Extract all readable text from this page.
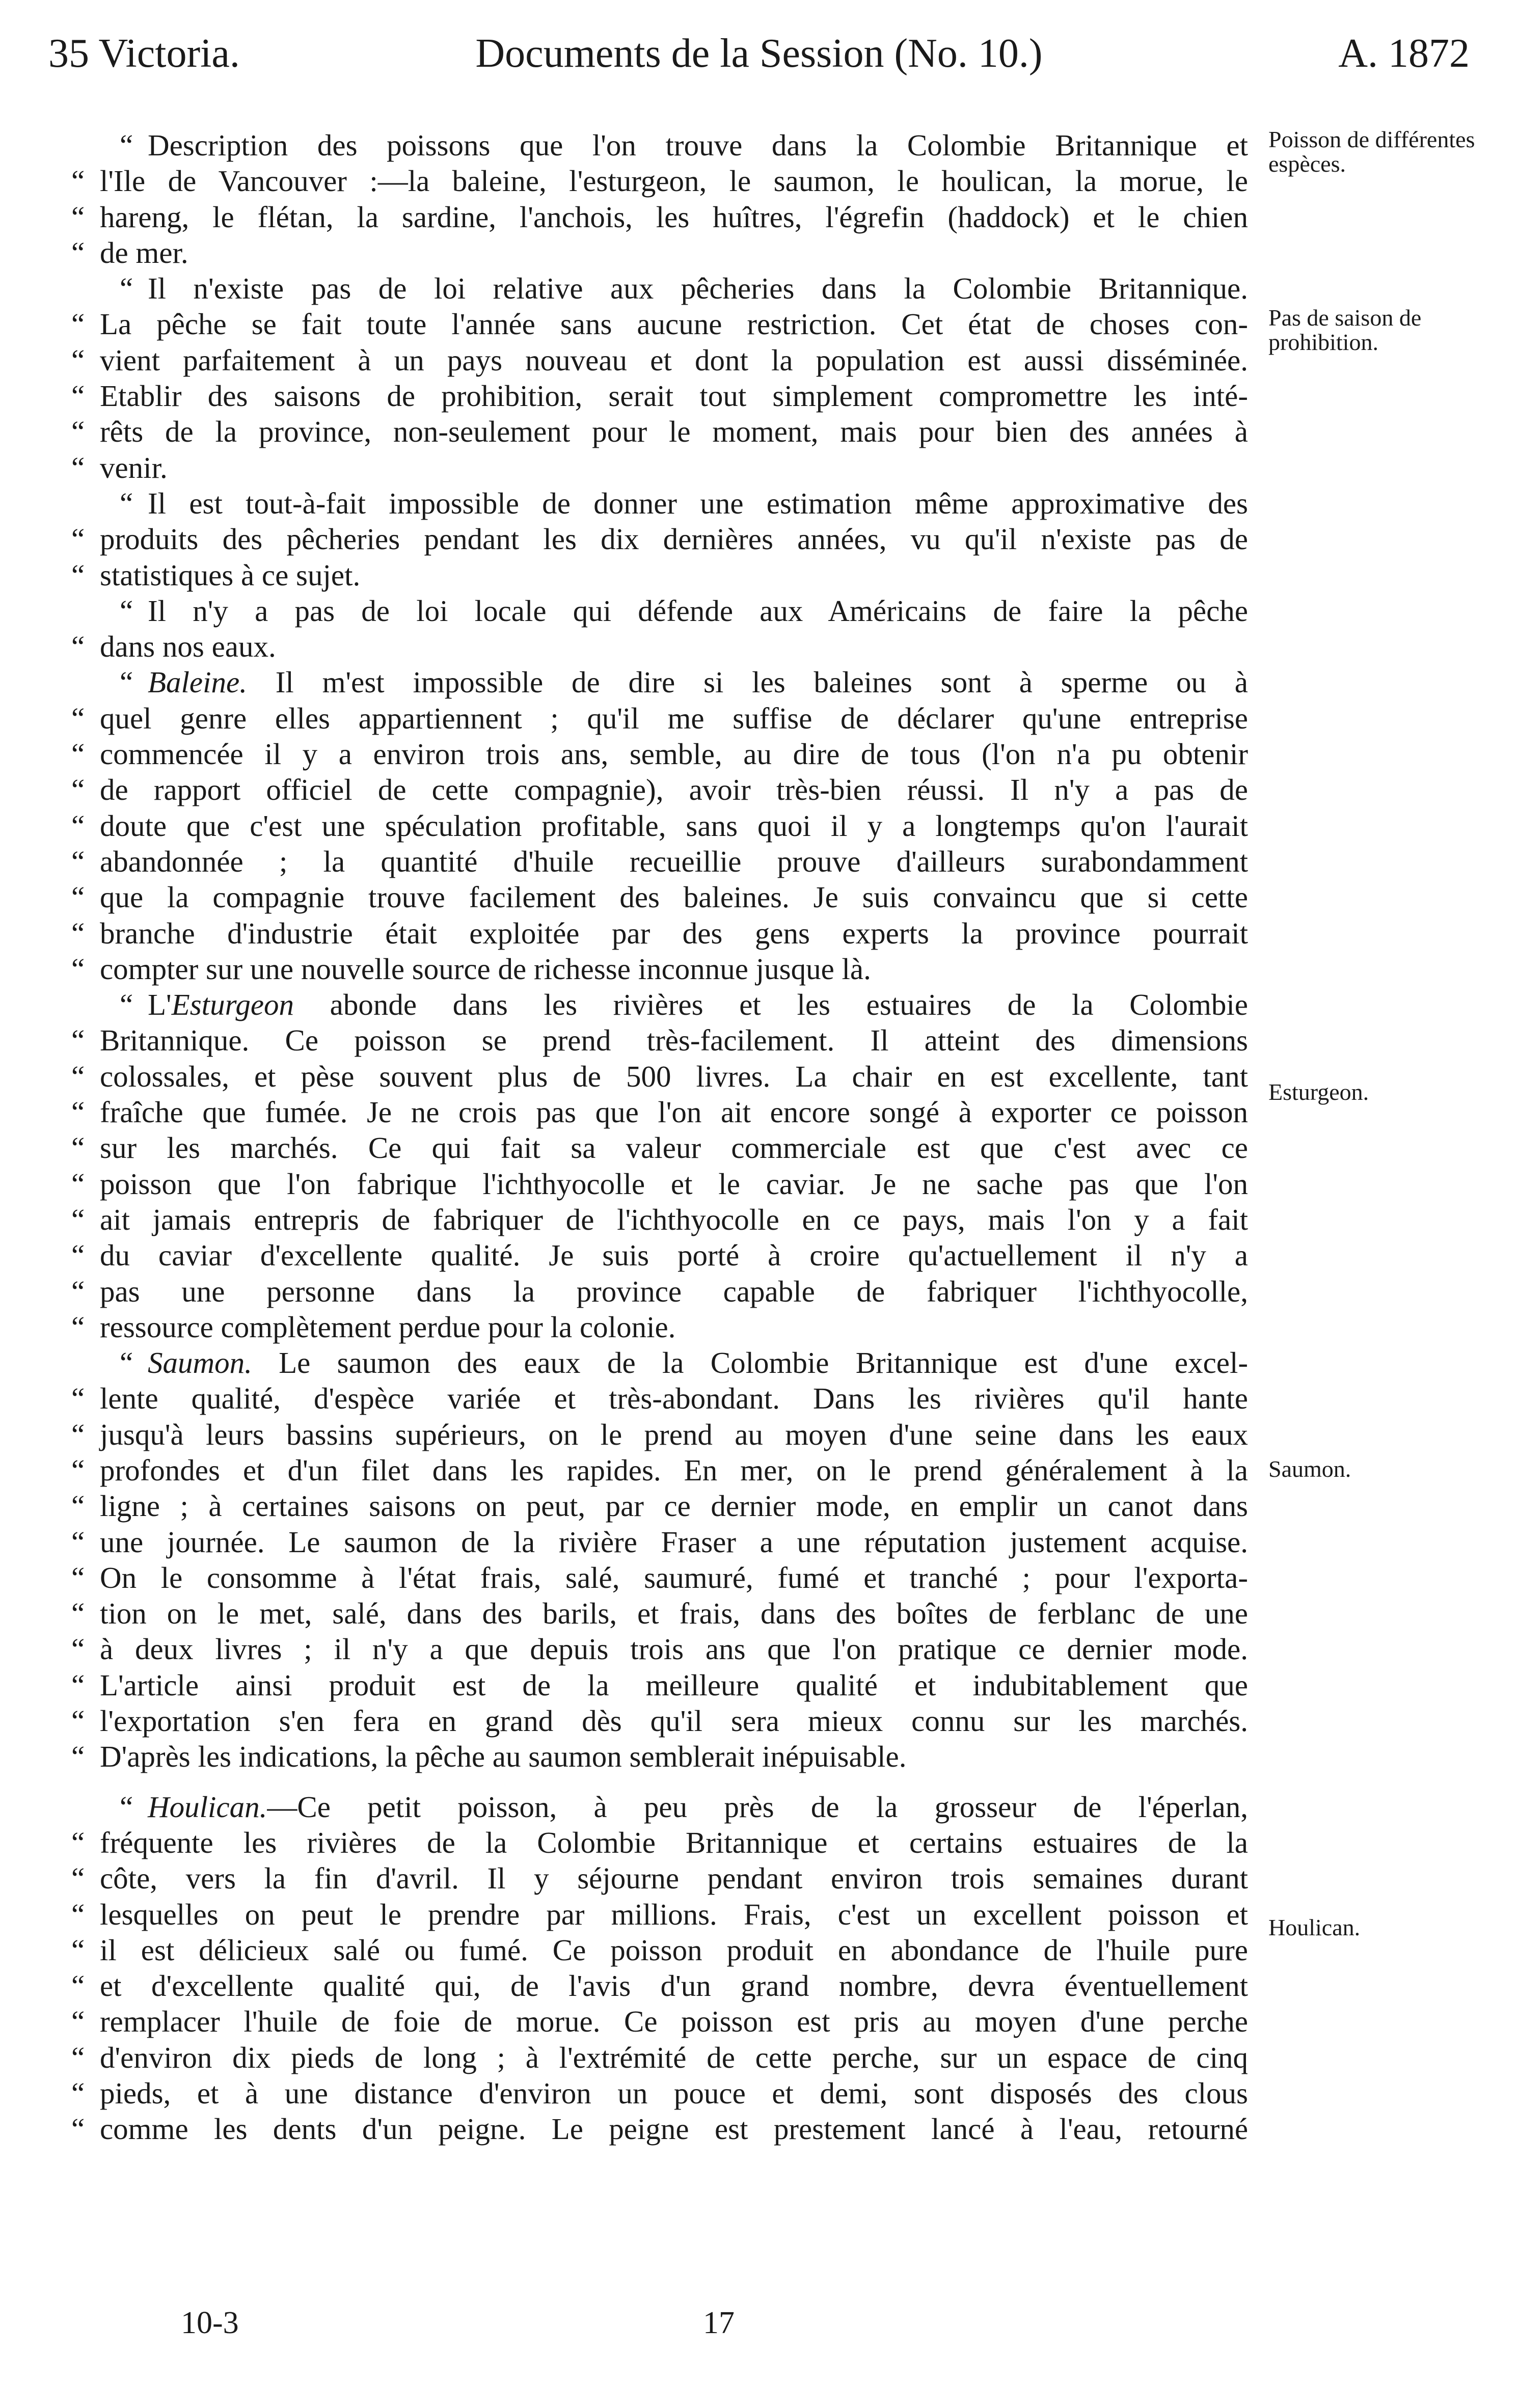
35 Victoria.	Documents de la Session (No. 10.)	A. 1872
“ Description des poissons que l'on trouve dans la Colombie Britannique et
“ l'Ile de Vancouver :—la baleine, l'esturgeon, le saumon, le houlican, la morue, le
“ hareng, le flétan, la sardine, l'anchois, les huîtres, l'égrefin (haddock) et le chien
“ de mer.
“ Il n'existe pas de loi relative aux pêcheries dans la Colombie Britannique.
“ La pêche se fait toute l'année sans aucune restriction. Cet état de choses con-
“ vient parfaitement à un pays nouveau et dont la population est aussi disséminée.
“ Etablir des saisons de prohibition, serait tout simplement compromettre les inté-
“ rêts de la province, non-seulement pour le moment, mais pour bien des années à
“ venir.
“ Il est tout-à-fait impossible de donner une estimation même approximative des
“ produits des pêcheries pendant les dix dernières années, vu qu'il n'existe pas de
“ statistiques à ce sujet.
“ Il n'y a pas de loi locale qui défende aux Américains de faire la pêche
“ dans nos eaux.
“ Baleine. Il m'est impossible de dire si les baleines sont à sperme ou à
“ quel genre elles appartiennent ; qu'il me suffise de déclarer qu'une entreprise
“ commencée il y a environ trois ans, semble, au dire de tous (l'on n'a pu obtenir
“ de rapport officiel de cette compagnie), avoir très-bien réussi. Il n'y a pas de
“ doute que c'est une spéculation profitable, sans quoi il y a longtemps qu'on l'aurait
“ abandonnée ; la quantité d'huile recueillie prouve d'ailleurs surabondamment
“ que la compagnie trouve facilement des baleines. Je suis convaincu que si cette
“ branche d'industrie était exploitée par des gens experts la province pourrait
“ compter sur une nouvelle source de richesse inconnue jusque là.
“ L'Esturgeon abonde dans les rivières et les estuaires de la Colombie
“ Britannique. Ce poisson se prend très-facilement. Il atteint des dimensions
“ colossales, et pèse souvent plus de 500 livres. La chair en est excellente, tant
“ fraîche que fumée. Je ne crois pas que l'on ait encore songé à exporter ce poisson
“ sur les marchés. Ce qui fait sa valeur commerciale est que c'est avec ce
“ poisson que l'on fabrique l'ichthyocolle et le caviar. Je ne sache pas que l'on
“ ait jamais entrepris de fabriquer de l'ichthyocolle en ce pays, mais l'on y a fait
“ du caviar d'excellente qualité. Je suis porté à croire qu'actuellement il n'y a
“ pas une personne dans la province capable de fabriquer l'ichthyocolle,
“ ressource complètement perdue pour la colonie.
“ Saumon. Le saumon des eaux de la Colombie Britannique est d'une excel-
“ lente qualité, d'espèce variée et très-abondant. Dans les rivières qu'il hante
“ jusqu'à leurs bassins supérieurs, on le prend au moyen d'une seine dans les eaux
“ profondes et d'un filet dans les rapides. En mer, on le prend généralement à la
“ ligne ; à certaines saisons on peut, par ce dernier mode, en emplir un canot dans
“ une journée. Le saumon de la rivière Fraser a une réputation justement acquise.
“ On le consomme à l'état frais, salé, saumuré, fumé et tranché ; pour l'exporta-
“ tion on le met, salé, dans des barils, et frais, dans des boîtes de ferblanc de une
“ à deux livres ; il n'y a que depuis trois ans que l'on pratique ce dernier mode.
“ L'article ainsi produit est de la meilleure qualité et indubitablement que
“ l'exportation s'en fera en grand dès qu'il sera mieux connu sur les marchés.
“ D'après les indications, la pêche au saumon semblerait inépuisable.
“ Houlican.—Ce petit poisson, à peu près de la grosseur de l'éperlan,
“ fréquente les rivières de la Colombie Britannique et certains estuaires de la
“ côte, vers la fin d'avril. Il y séjourne pendant environ trois semaines durant
“ lesquelles on peut le prendre par millions. Frais, c'est un excellent poisson et
“ il est délicieux salé ou fumé. Ce poisson produit en abondance de l'huile pure
“ et d'excellente qualité qui, de l'avis d'un grand nombre, devra éventuellement
“ remplacer l'huile de foie de morue. Ce poisson est pris au moyen d'une perche
“ d'environ dix pieds de long ; à l'extrémité de cette perche, sur un espace de cinq
“ pieds, et à une distance d'environ un pouce et demi, sont disposés des clous
“ comme les dents d'un peigne. Le peigne est prestement lancé à l'eau, retourné
Poisson de différentes espèces.
Pas de saison de prohibition.
Esturgeon.
Saumon.
Houlican.
10-3	17
